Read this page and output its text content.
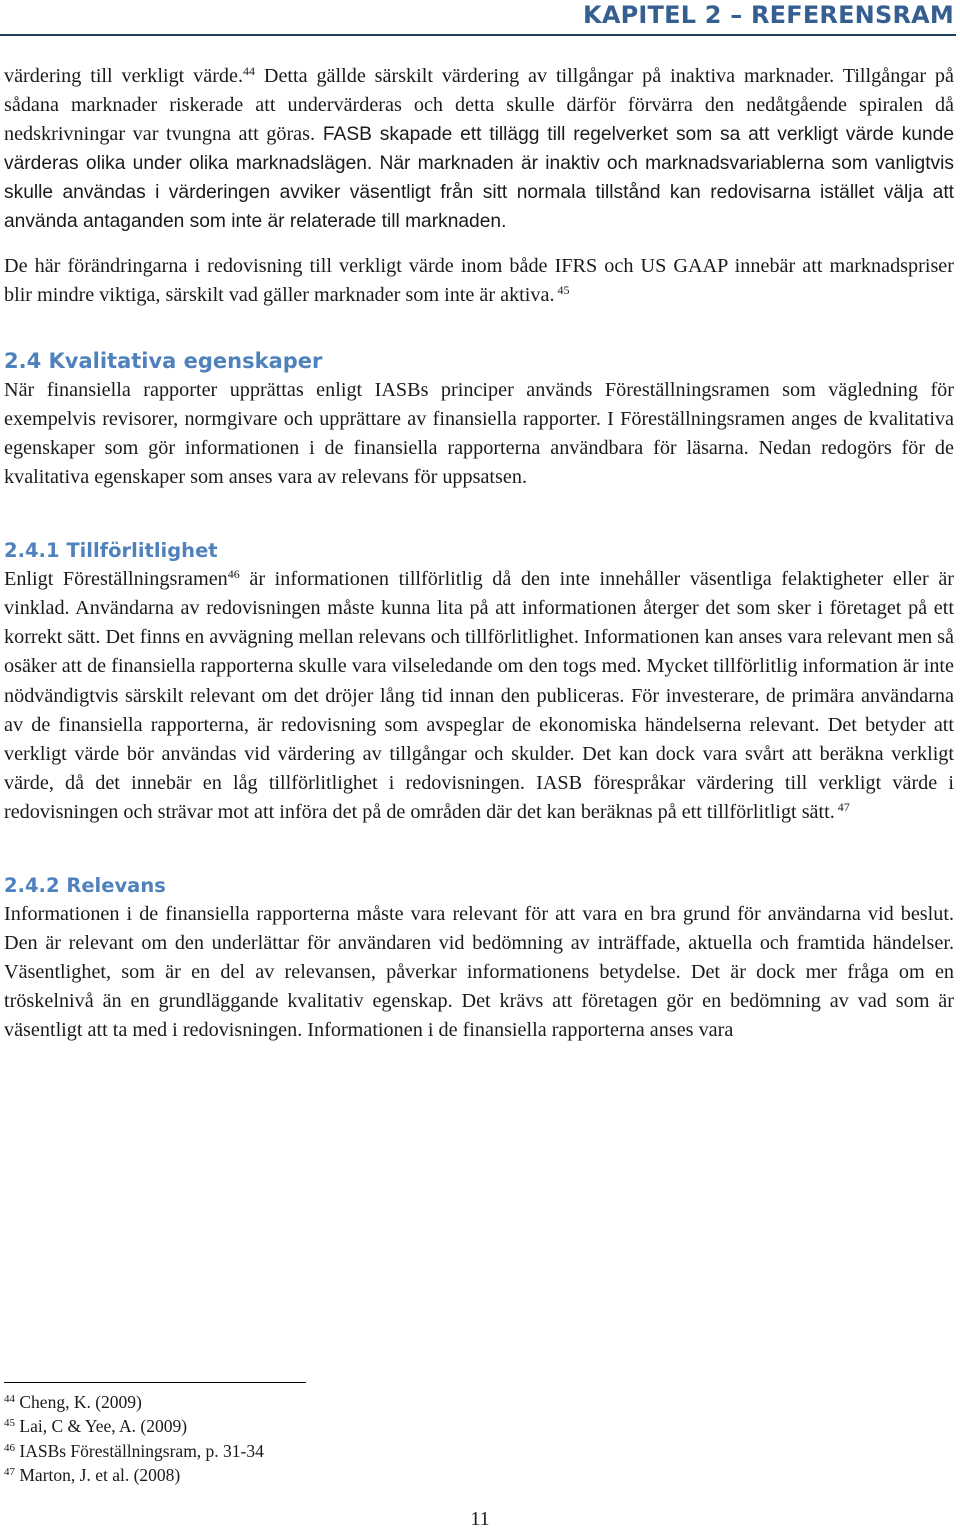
KAPITEL 2 – REFERENSRAM

värdering till verkligt värde.$^{44}$ Detta gällde särskilt värdering av tillgångar på inaktiva marknader. Tillgångar på sådana marknader riskerade att undervärderas och detta skulle därför förvärra den nedåtgående spiralen då nedskrivningar var tvungna att göras. FASB skapade ett tillägg till regelverket som sa att verkligt värde kunde värderas olika under olika marknadslägen. När marknaden är inaktiv och marknadsvariablerna som vanligtvis skulle användas i värderingen avviker väsentligt från sitt normala tillstånd kan redovisarna istället välja att använda antaganden som inte är relaterade till marknaden.

De här förändringarna i redovisning till verkligt värde inom både IFRS och US GAAP innebär att marknadspriser blir mindre viktiga, särskilt vad gäller marknader som inte är aktiva. $^{45}$

2.4 Kvalitativa egenskaper

När finansiella rapporter upprättas enligt IASBs principer används Föreställningsramen som vägledning för exempelvis revisorer, normgivare och upprättare av finansiella rapporter. I Föreställningsramen anges de kvalitativa egenskaper som gör informationen i de finansiella rapporterna användbara för läsarna. Nedan redogörs för de kvalitativa egenskaper som anses vara av relevans för uppsatsen.

2.4.1 Tillförlitlighet

Enligt Föreställningsramen$^{46}$ är informationen tillförlitlig då den inte innehåller väsentliga felaktigheter eller är vinklad. Användarna av redovisningen måste kunna lita på att informationen återger det som sker i företaget på ett korrekt sätt. Det finns en avvägning mellan relevans och tillförlitlighet. Informationen kan anses vara relevant men så osäker att de finansiella rapporterna skulle vara vilseledande om den togs med. Mycket tillförlitlig information är inte nödvändigtvis särskilt relevant om det dröjer lång tid innan den publiceras. För investerare, de primära användarna av de finansiella rapporterna, är redovisning som avspeglar de ekonomiska händelserna relevant. Det betyder att verkligt värde bör användas vid värdering av tillgångar och skulder. Det kan dock vara svårt att beräkna verkligt värde, då det innebär en låg tillförlitlighet i redovisningen. IASB förespråkar värdering till verkligt värde i redovisningen och strävar mot att införa det på de områden där det kan beräknas på ett tillförlitligt sätt. $^{47}$

2.4.2 Relevans

Informationen i de finansiella rapporterna måste vara relevant för att vara en bra grund för användarna vid beslut. Den är relevant om den underlättar för användaren vid bedömning av inträffade, aktuella och framtida händelser. Väsentlighet, som är en del av relevansen, påverkar informationens betydelse. Det är dock mer fråga om en tröskelnivå än en grundläggande kvalitativ egenskap. Det krävs att företagen gör en bedömning av vad som är väsentligt att ta med i redovisningen. Informationen i de finansiella rapporterna anses vara

$^{44}$ Cheng, K. (2009)
$^{45}$ Lai, C & Yee, A. (2009)
$^{46}$ IASBs Föreställningsram, p. 31-34
$^{47}$ Marton, J. et al. (2008)
11
